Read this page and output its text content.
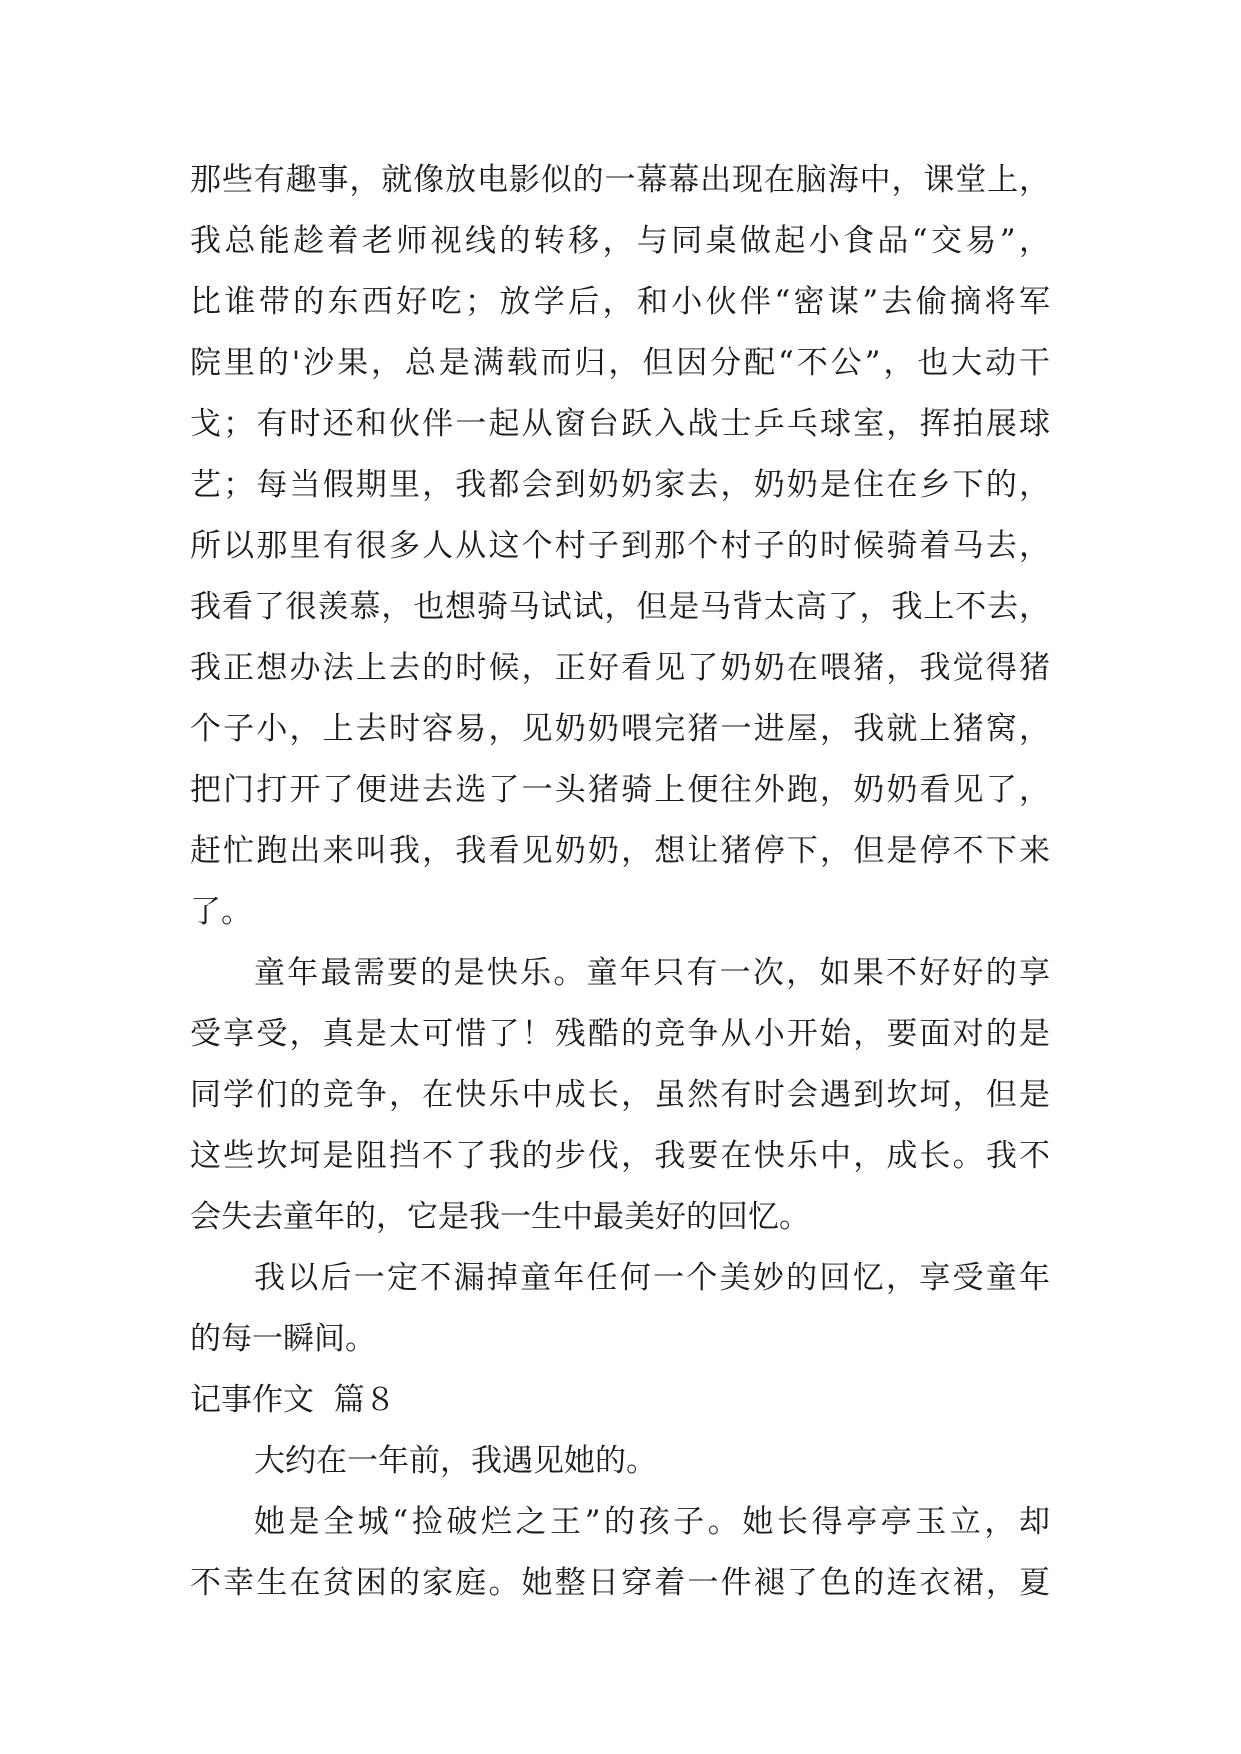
那些有趣事，就像放电影似的一幕幕出现在脑海中，课堂上，
我总能趁着老师视线的转移，与同桌做起小食品“交易”，
比谁带的东西好吃；放学后，和小伙伴“密谋”去偷摘将军
院里的'沙果，总是满载而归，但因分配“不公”，也大动干
戈；有时还和伙伴一起从窗台跃入战士乒乓球室，挥拍展球
艺；每当假期里，我都会到奶奶家去，奶奶是住在乡下的，
所以那里有很多人从这个村子到那个村子的时候骑着马去，
我看了很羡慕，也想骑马试试，但是马背太高了，我上不去，
我正想办法上去的时候，正好看见了奶奶在喂猪，我觉得猪
个子小，上去时容易，见奶奶喂完猪一进屋，我就上猪窝，
把门打开了便进去选了一头猪骑上便往外跑，奶奶看见了，
赶忙跑出来叫我，我看见奶奶，想让猪停下，但是停不下来
了。
童年最需要的是快乐。童年只有一次，如果不好好的享
受享受，真是太可惜了！残酷的竞争从小开始，要面对的是
同学们的竞争，在快乐中成长，虽然有时会遇到坎坷，但是
这些坎坷是阻挡不了我的步伐，我要在快乐中，成长。我不
会失去童年的，它是我一生中最美好的回忆。
我以后一定不漏掉童年任何一个美妙的回忆，享受童年
的每一瞬间。
记事作文  篇８
大约在一年前，我遇见她的。
她是全城“捡破烂之王”的孩子。她长得亭亭玉立，却
不幸生在贫困的家庭。她整日穿着一件褪了色的连衣裙，夏
